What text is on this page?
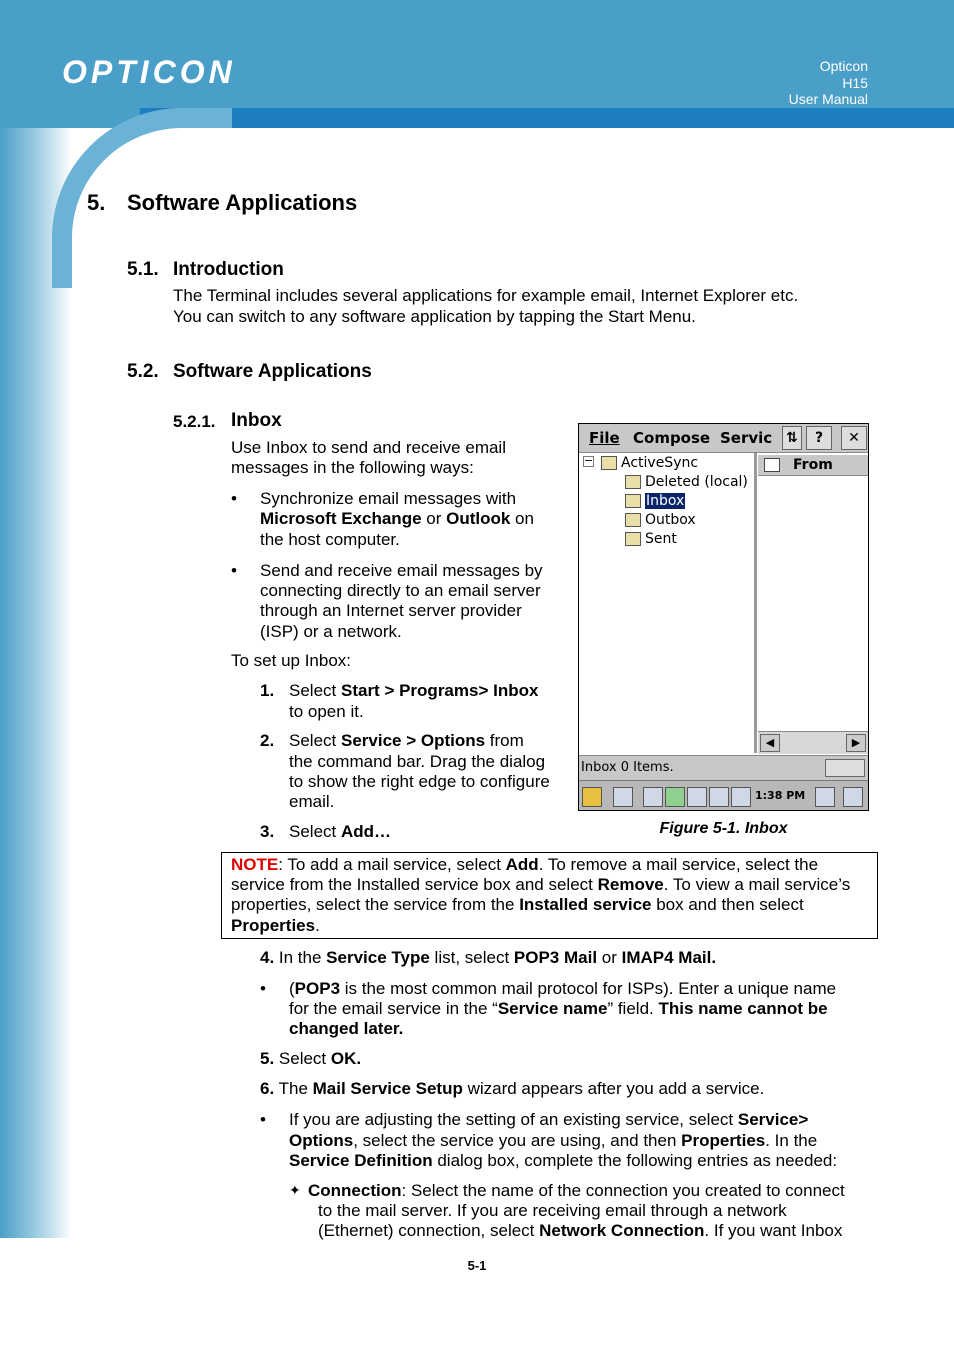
OPTICON	Opticon
H15
User Manual

5. Software Applications

5.1. Introduction

The Terminal includes several applications for example email, Internet Explorer etc.

You can switch to any software application by tapping the Start Menu.

5.2. Software Applications

5.2.1. Inbox

Use Inbox to send and receive email

messages in the following ways:

• Synchronize email messages with

Microsoft Exchange or Outlook on

the host computer.

• Send and receive email messages by

connecting directly to an email server

through an Internet server provider

(ISP) or a network.

To set up Inbox:

1. Select Start > Programs> Inbox

to open it.

2. Select Service > Options from

the command bar. Drag the dialog

to show the right edge to configure

email.

3. Select Add…

File Compose Servic ⇅	?	✕
−	ActiveSync
Deleted (local)
Inbox
Outbox
Sent
From
◀	▶
Inbox 0 Items.
1:38 PM
Figure 5-1. Inbox

NOTE: To add a mail service, select Add. To remove a mail service, select the

service from the Installed service box and select Remove. To view a mail service’s

properties, select the service from the Installed service box and then select

Properties.

4. In the Service Type list, select POP3 Mail or IMAP4 Mail.

• (POP3 is the most common mail protocol for ISPs). Enter a unique name

for the email service in the “Service name” field. This name cannot be

changed later.

5. Select OK.

6. The Mail Service Setup wizard appears after you add a service.

• If you are adjusting the setting of an existing service, select Service>

Options, select the service you are using, and then Properties. In the

Service Definition dialog box, complete the following entries as needed:

✦ Connection: Select the name of the connection you created to connect

to the mail server. If you are receiving email through a network

(Ethernet) connection, select Network Connection. If you want Inbox

5-1
